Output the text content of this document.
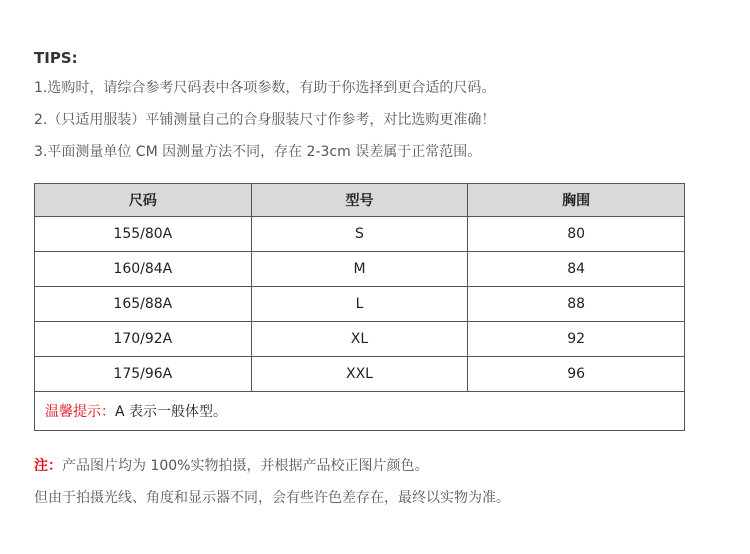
TIPS:
1.选购时，请综合参考尺码表中各项参数，有助于你选择到更合适的尺码。
2.（只适用服装）平铺测量自己的合身服装尺寸作参考，对比选购更准确！
3.平面测量单位 CM 因测量方法不同，存在 2-3cm 误差属于正常范围。
尺码	型号	胸围
155/80A	S	80
160/84A	M	84
165/88A	L	88
170/92A	XL	92
175/96A	XXL	96
温馨提示：A 表示一般体型。		
注：产品图片均为 100%实物拍摄，并根据产品校正图片颜色。
但由于拍摄光线、角度和显示器不同，会有些许色差存在，最终以实物为准。
